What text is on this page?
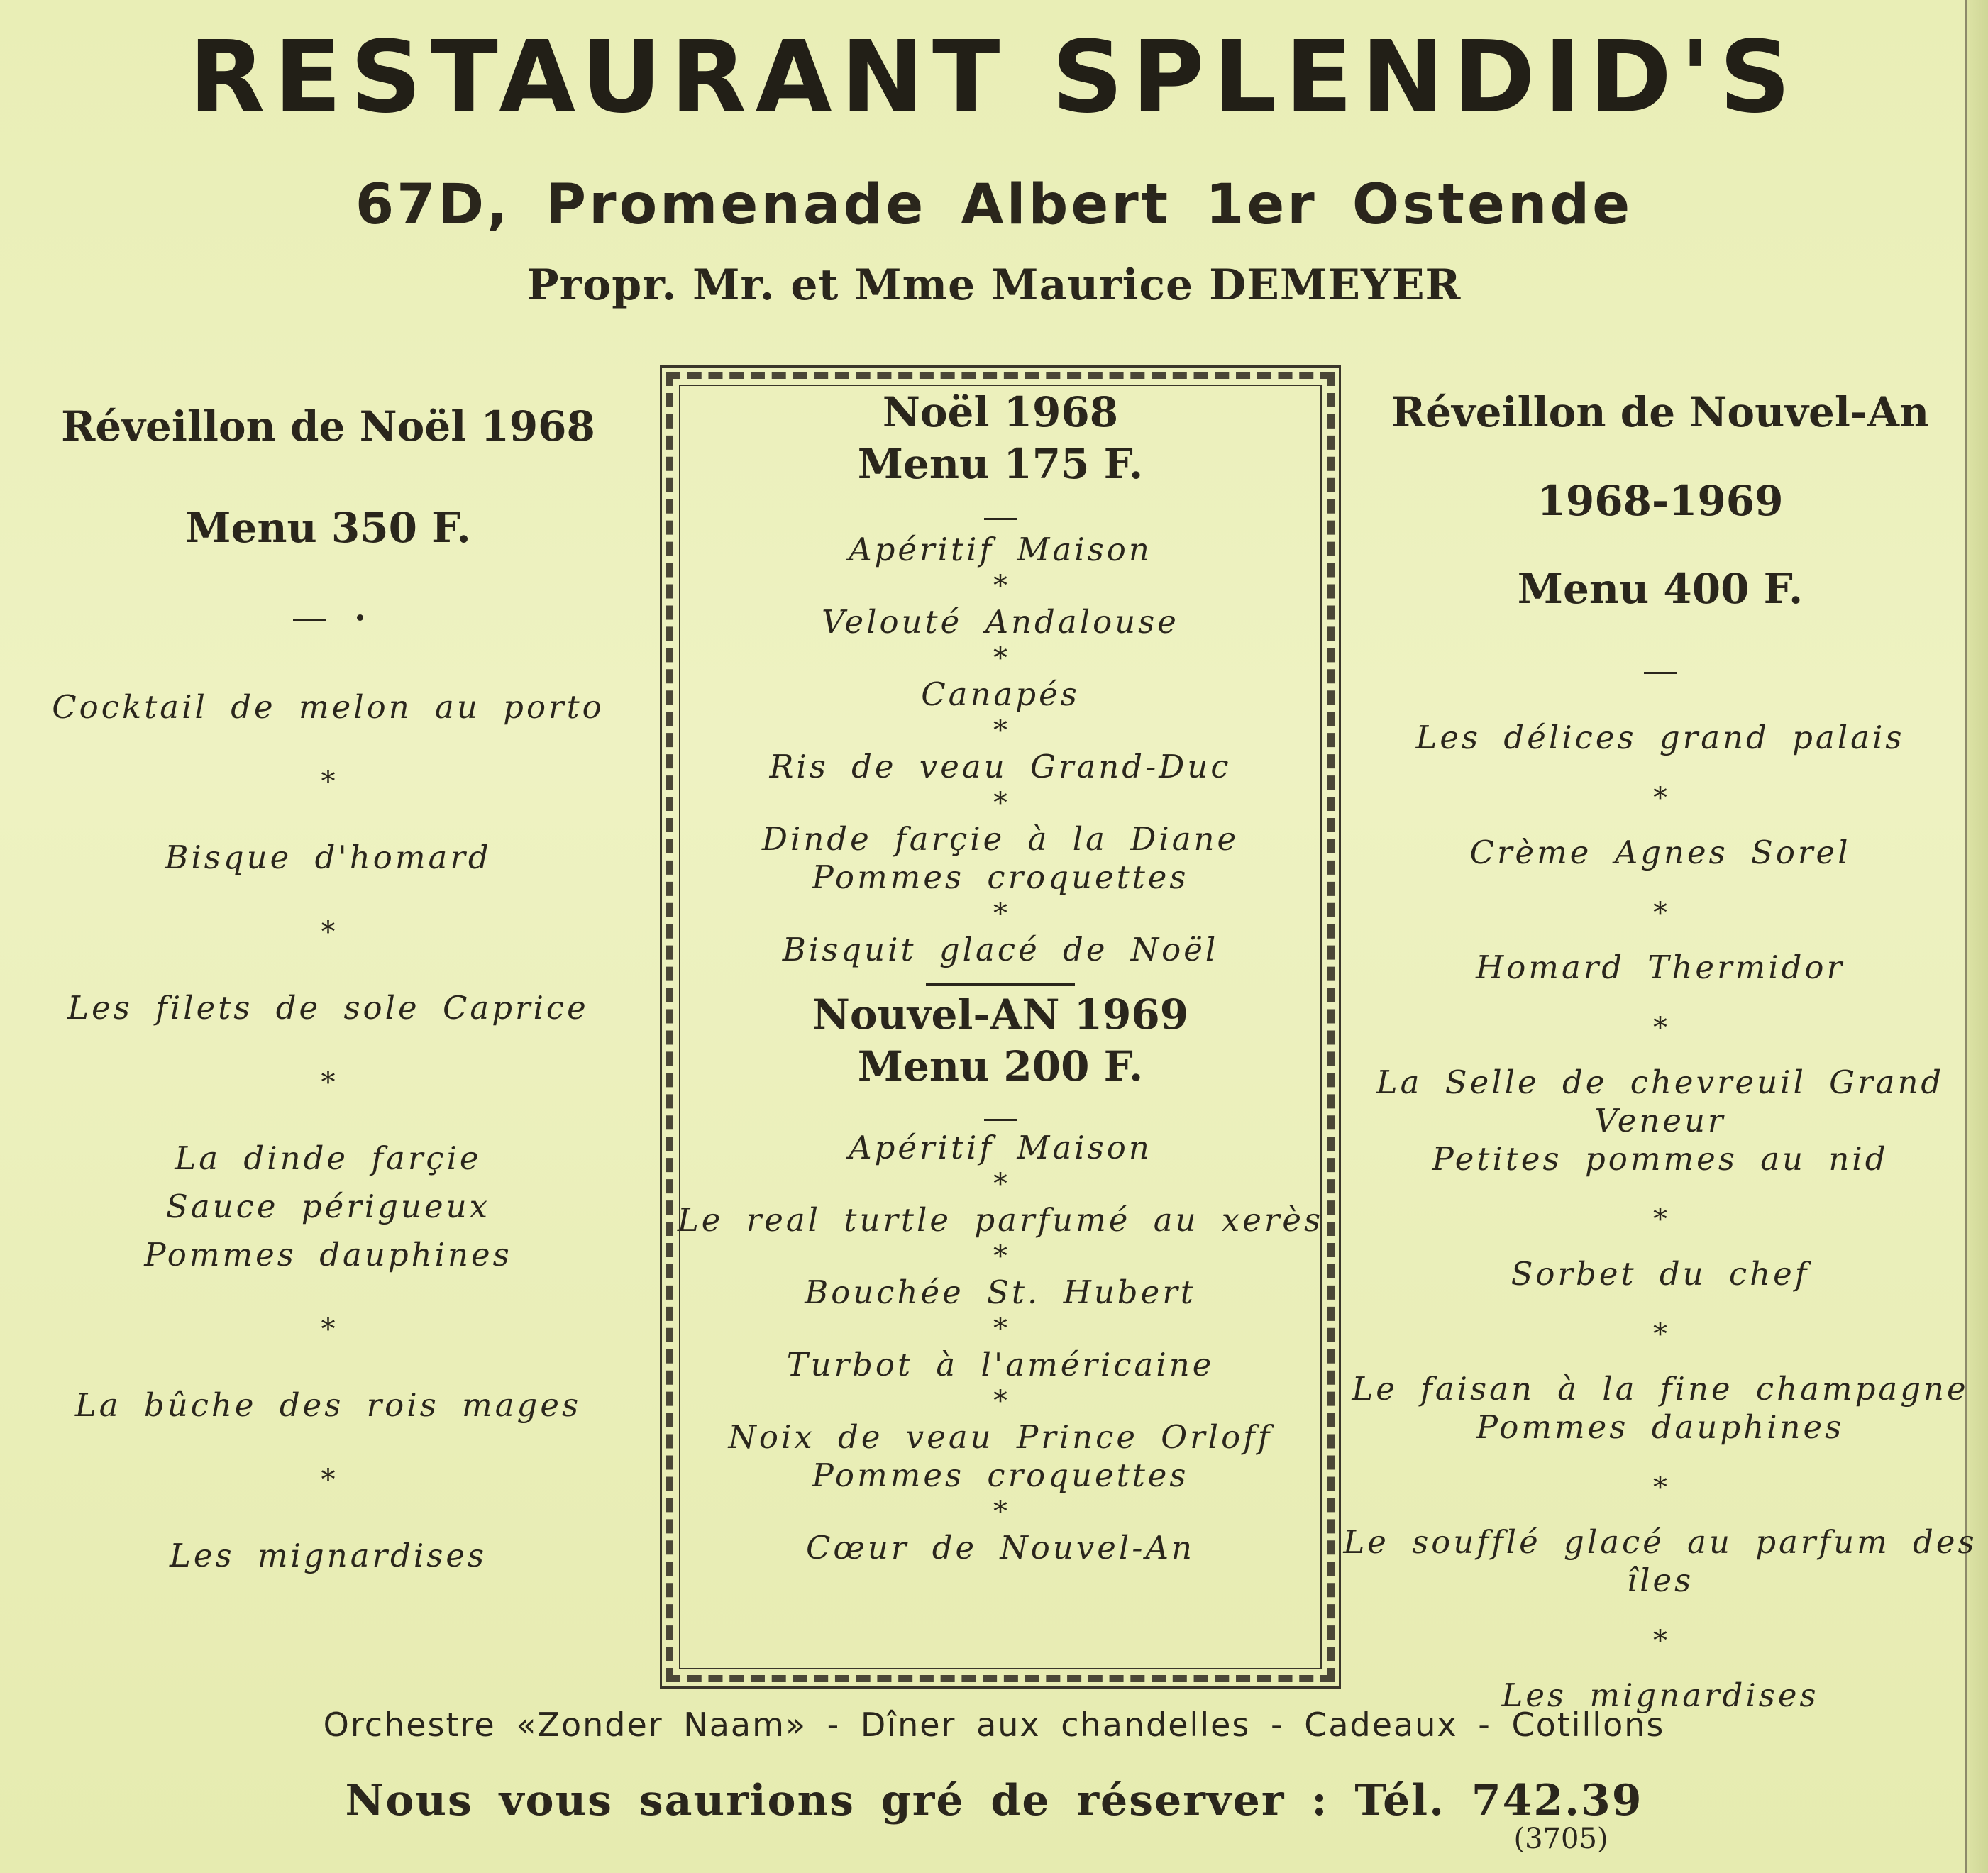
RESTAURANT SPLENDID'S
67D, Promenade Albert 1er Ostende
Propr. Mr. et Mme Maurice DEMEYER

Réveillon de Noël 1968

Menu 350 F.

Cocktail de melon au porto

*

Bisque d'homard

*

Les filets de sole Caprice

*

La dinde farçie

Sauce périgueux

Pommes dauphines

*

La bûche des rois mages

*

Les mignardises

Noël 1968

Menu 175 F.

Apéritif Maison

*

Velouté Andalouse

*

Canapés

*

Ris de veau Grand-Duc

*

Dinde farçie à la Diane

Pommes croquettes

*

Bisquit glacé de Noël

Nouvel-AN 1969

Menu 200 F.

Apéritif Maison

*

Le real turtle parfumé au xerès

*

Bouchée St. Hubert

*

Turbot à l'américaine

*

Noix de veau Prince Orloff

Pommes croquettes

*

Cœur de Nouvel-An

Réveillon de Nouvel-An

1968-1969

Menu 400 F.

Les délices grand palais

*

Crème Agnes Sorel

*

Homard Thermidor

*

La Selle de chevreuil Grand Veneur

Petites pommes au nid

*

Sorbet du chef

*

Le faisan à la fine champagne

Pommes dauphines

*

Le soufflé glacé au parfum des îles

*

Les mignardises

Orchestre «Zonder Naam» - Dîner aux chandelles - Cadeaux - Cotillons
Nous vous saurions gré de réserver : Tél. 742.39
(3705)
